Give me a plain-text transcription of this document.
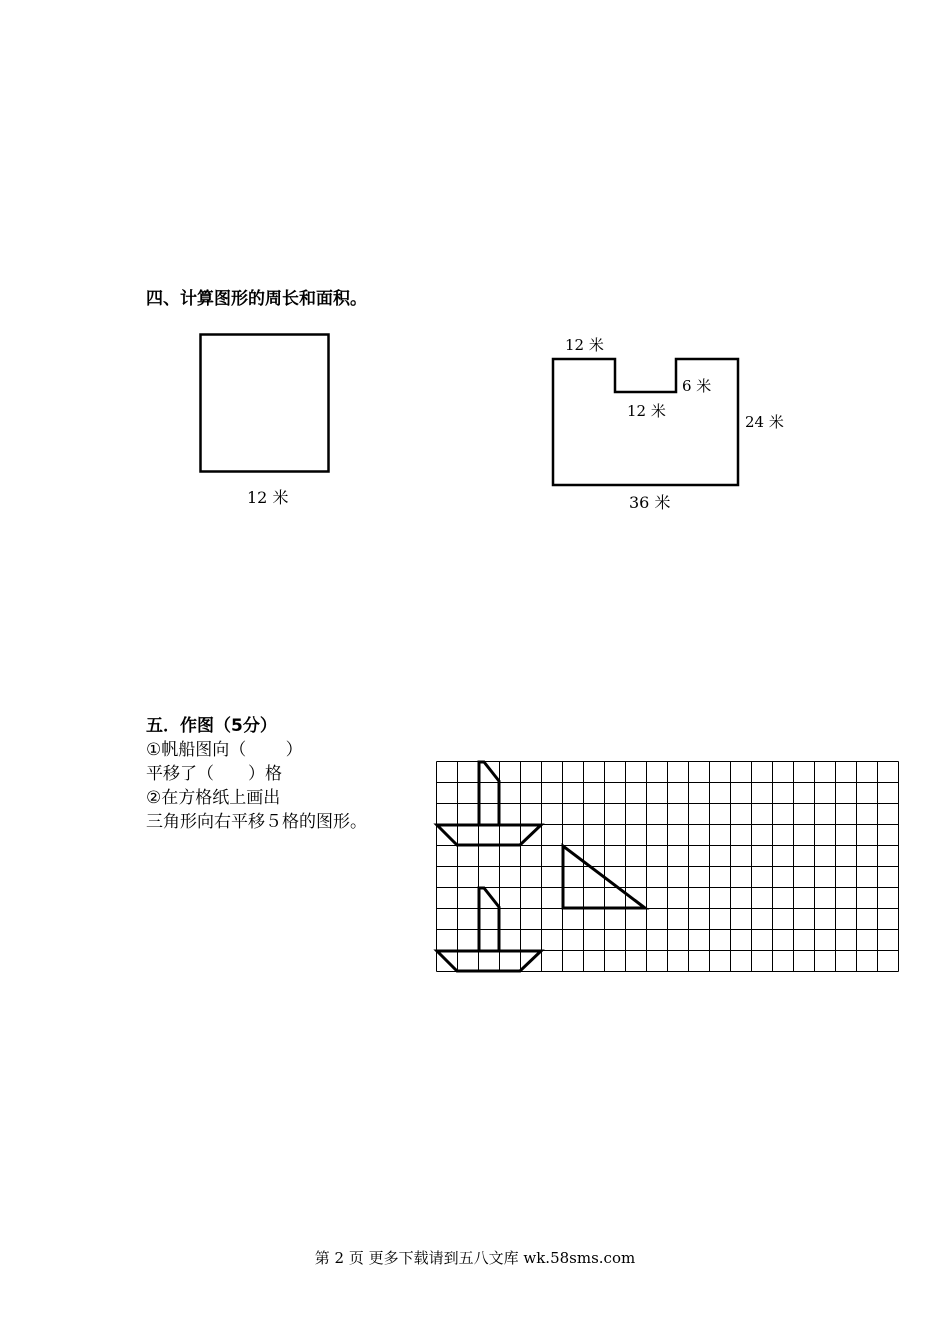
四、计算图形的周长和面积。
12 米
12 米
6 米
12 米
24 米
36 米
五．作图（5分）
①帆船图向（　　 ）
平移了（　　）格
②在方格纸上画出
三角形向右平移５格的图形。
第 2 页 更多下载请到五八文库 wk.58sms.com
